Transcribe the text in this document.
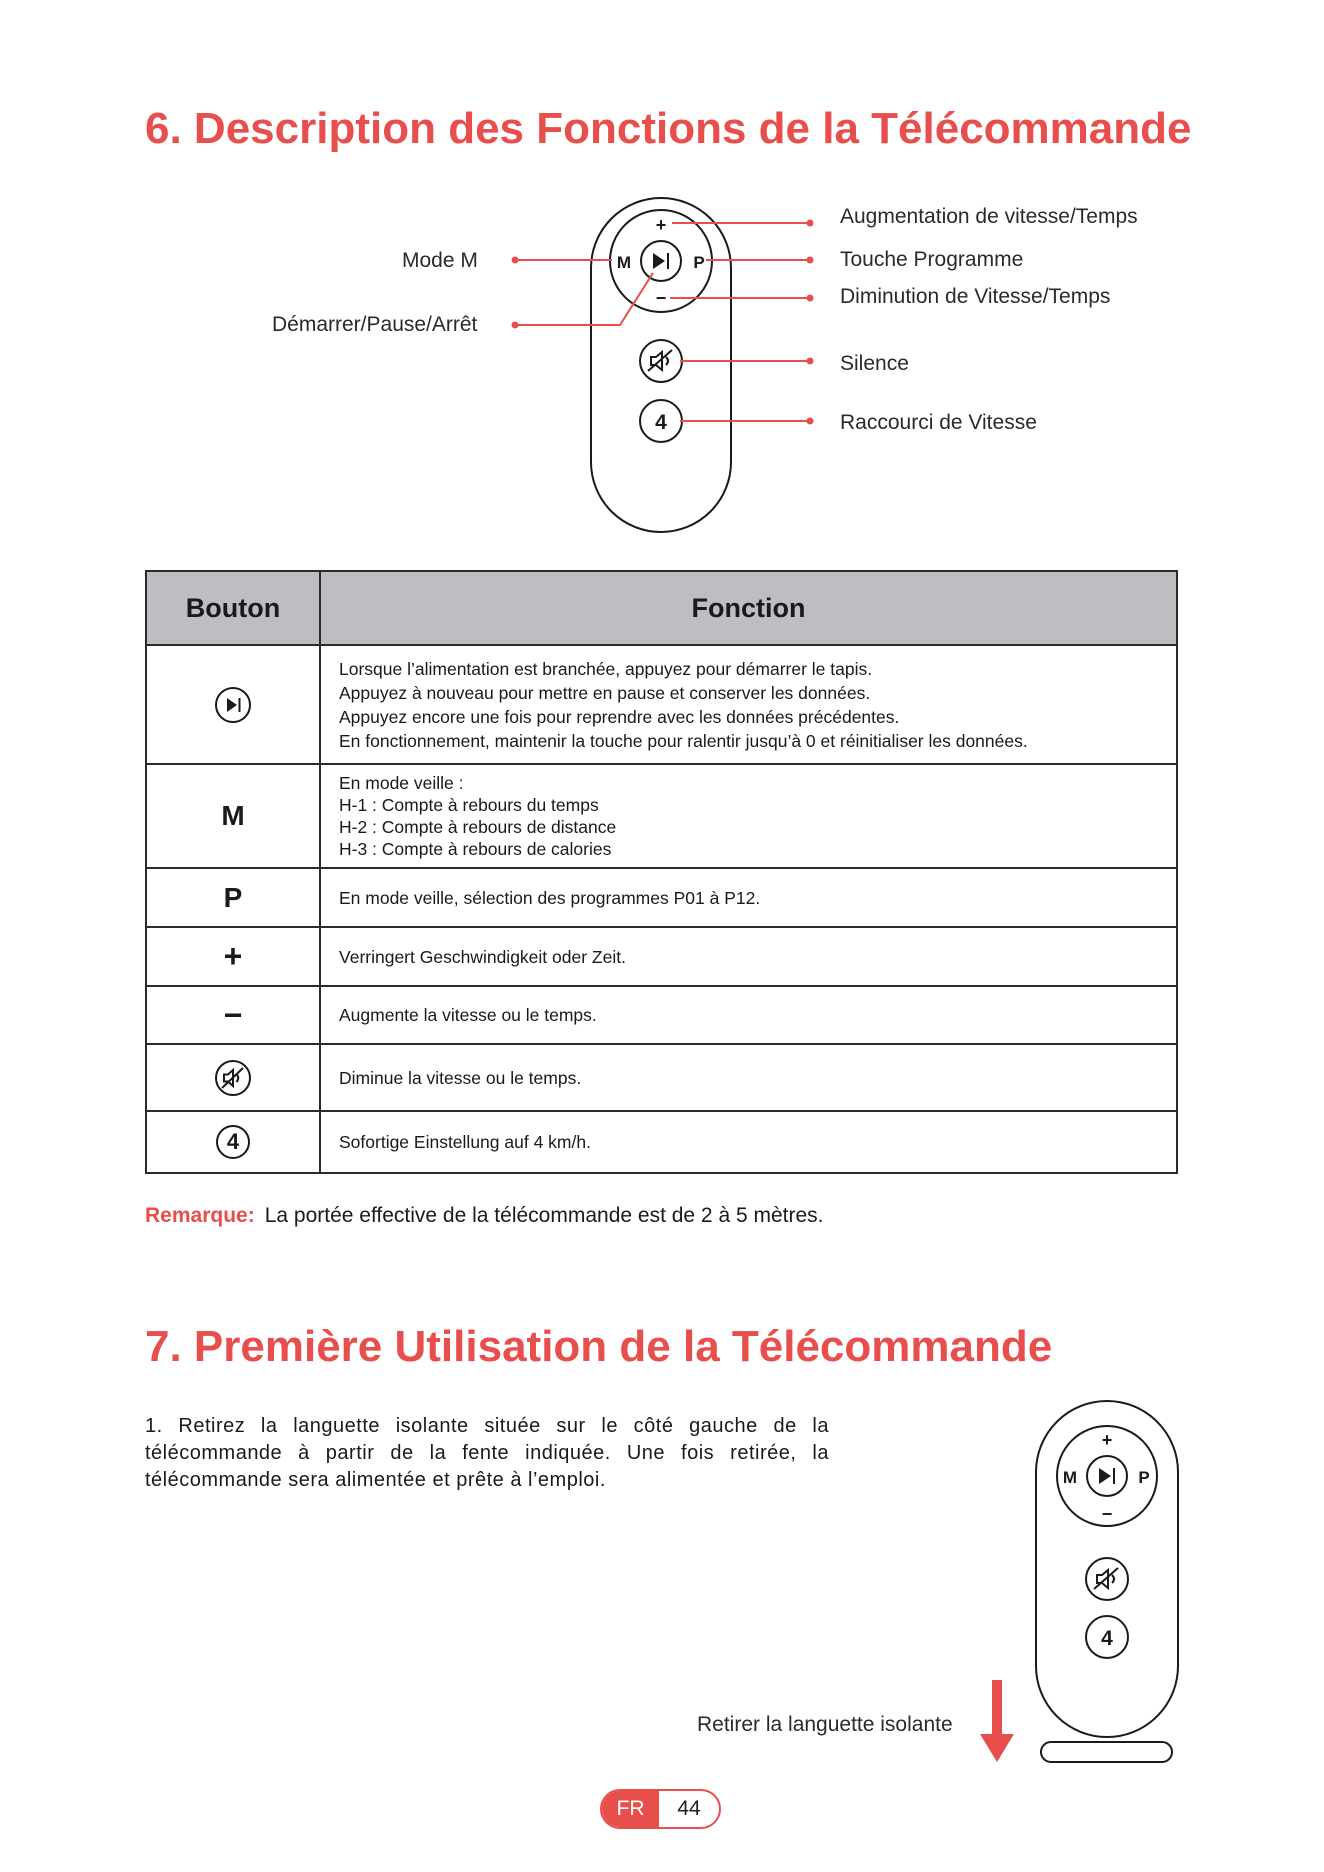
6. Description des Fonctions de la Télécommande
+
−
M	P
4
Mode M
Démarrer/Pause/Arrêt
Augmentation de vitesse/Temps
Touche Programme
Diminution de Vitesse/Temps
Silence
Raccourci de Vitesse
Bouton	Fonction

Lorsque l’alimentation est branchée, appuyez pour démarrer le tapis.

Appuyez à nouveau pour mettre en pause et conserver les données.

Appuyez encore une fois pour reprendre avec les données précédentes.

En fonctionnement, maintenir la touche pour ralentir jusqu’à 0 et réinitialiser les données.

M	En mode veille :

H-1 : Compte à rebours du temps

H-2 : Compte à rebours de distance

H-3 : Compte à rebours de calories

P	En mode veille, sélection des programmes P01 à P12.

+	Verringert Geschwindigkeit oder Zeit.

−	Augmente la vitesse ou le temps.

Diminue la vitesse ou le temps.

4	Sofortige Einstellung auf 4 km/h.

Remarque: La portée effective de la télécommande est de 2 à 5 mètres.
7. Première Utilisation de la Télécommande

1. Retirez la languette isolante située sur le côté gauche de la télécommande à partir de la fente indiquée. Une fois retirée, la télécommande sera alimentée et prête à l’emploi.

+
−
M	P
4
Retirer la languette isolante
FR	44
